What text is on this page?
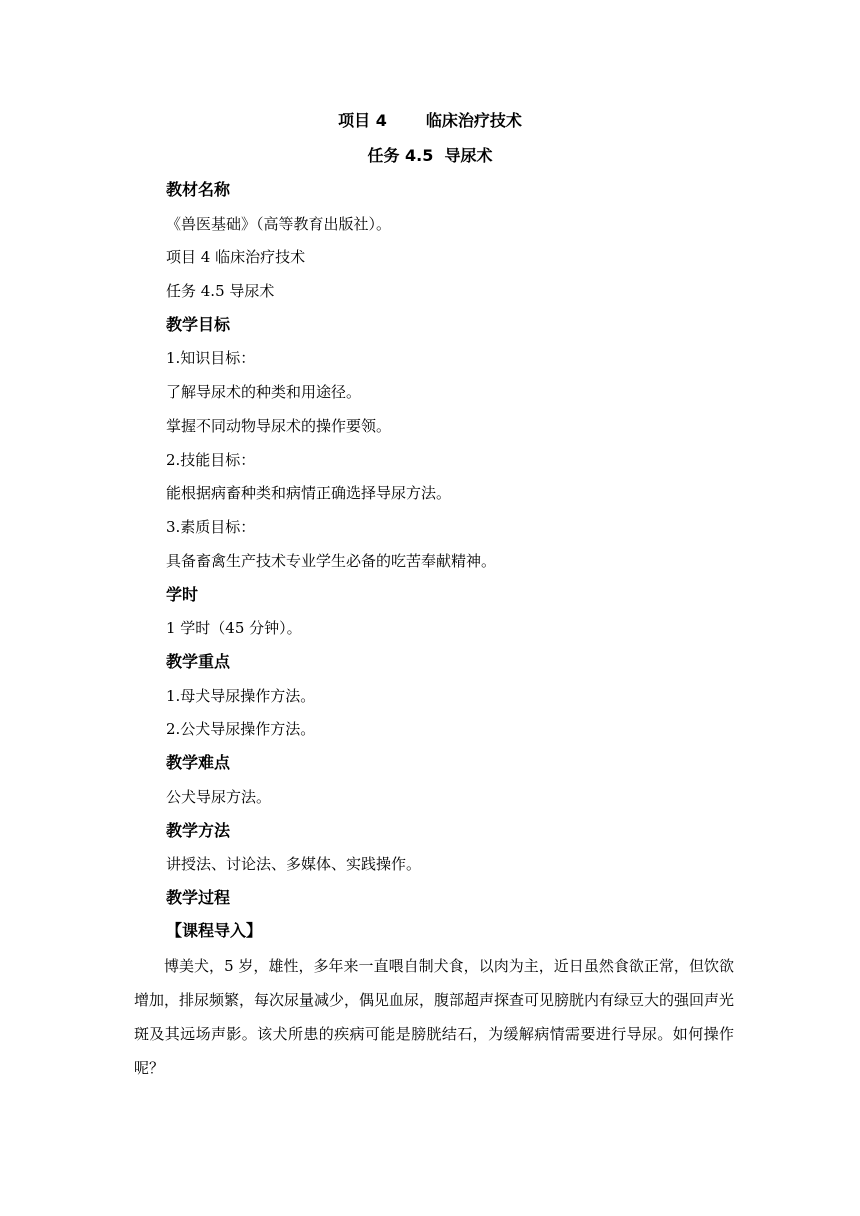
项目 4       临床治疗技术
任务 4.5  导尿术
教材名称
《兽医基础》（高等教育出版社）。
项目 4 临床治疗技术
任务 4.5 导尿术
教学目标
1.知识目标：
了解导尿术的种类和用途径。
掌握不同动物导尿术的操作要领。
2.技能目标：
能根据病畜种类和病情正确选择导尿方法。
3.素质目标：
具备畜禽生产技术专业学生必备的吃苦奉献精神。
学时
1 学时（45 分钟）。
教学重点
1.母犬导尿操作方法。
2.公犬导尿操作方法。
教学难点
公犬导尿方法。
教学方法
讲授法、讨论法、多媒体、实践操作。
教学过程
【课程导入】
博美犬，5 岁，雄性，多年来一直喂自制犬食，以肉为主，近日虽然食欲正常，但饮欲增加，排尿频繁，每次尿量减少，偶见血尿，腹部超声探查可见膀胱内有绿豆大的强回声光斑及其远场声影。该犬所患的疾病可能是膀胱结石，为缓解病情需要进行导尿。如何操作呢？
